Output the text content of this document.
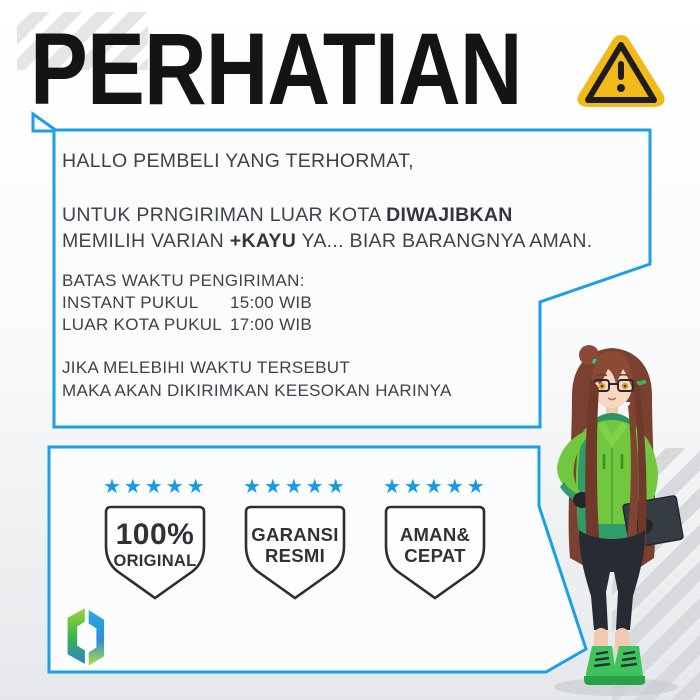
PERHATIAN
HALLO PEMBELI YANG TERHORMAT,
UNTUK PRNGIRIMAN LUAR KOTA DIWAJIBKAN
MEMILIH VARIAN +KAYU YA... BIAR BARANGNYA AMAN.
BATAS WAKTU PENGIRIMAN:
INSTANT PUKUL	15:00 WIB
LUAR KOTA PUKUL 17:00 WIB
JIKA MELEBIHI WAKTU TERSEBUT
MAKA AKAN DIKIRIMKAN KEESOKAN HARINYA
★★★★★
100%
ORIGINAL
★★★★★
GARANSI
RESMI
★★★★★
AMAN&
CEPAT
